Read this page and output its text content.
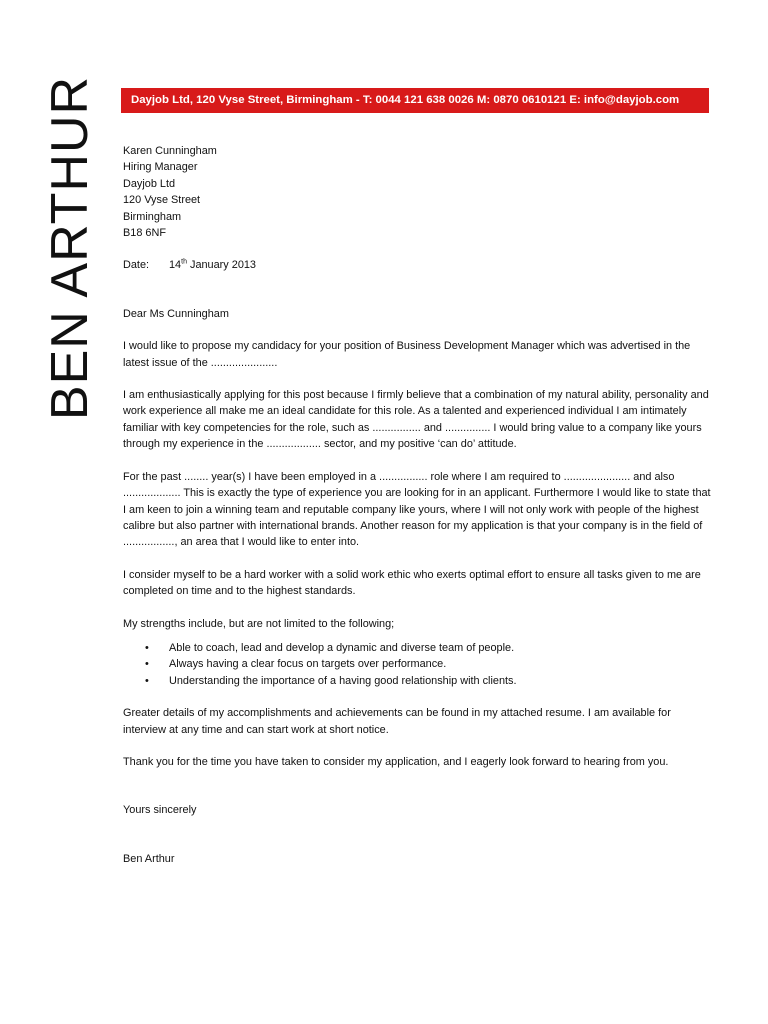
BEN ARTHUR	Dayjob Ltd, 120 Vyse Street, Birmingham - T: 0044 121 638 0026 M: 0870 0610121 E: info@dayjob.com

Karen Cunningham

Hiring Manager

Dayjob Ltd

120 Vyse Street

Birmingham

B18 6NF

Date: 14th January 2013

Dear Ms Cunningham

I would like to propose my candidacy for your position of Business Development Manager which was advertised in the latest issue of the ......................

I am enthusiastically applying for this post because I firmly believe that a combination of my natural ability, personality and work experience all make me an ideal candidate for this role. As a talented and experienced individual I am intimately familiar with key competencies for the role, such as ................ and ............... I would bring value to a company like yours through my experience in the .................. sector, and my positive ‘can do’ attitude.

For the past ........ year(s) I have been employed in a ................ role where I am required to ...................... and also ................... This is exactly the type of experience you are looking for in an applicant. Furthermore I would like to state that I am keen to join a winning team and reputable company like yours, where I will not only work with people of the highest calibre but also partner with international brands. Another reason for my application is that your company is in the field of ................., an area that I would like to enter into.

I consider myself to be a hard worker with a solid work ethic who exerts optimal effort to ensure all tasks given to me are completed on time and to the highest standards.

My strengths include, but are not limited to the following;

• Able to coach, lead and develop a dynamic and diverse team of people.
• Always having a clear focus on targets over performance.
• Understanding the importance of a having good relationship with clients.

Greater details of my accomplishments and achievements can be found in my attached resume. I am available for interview at any time and can start work at short notice.

Thank you for the time you have taken to consider my application, and I eagerly look forward to hearing from you.

Yours sincerely

Ben Arthur
